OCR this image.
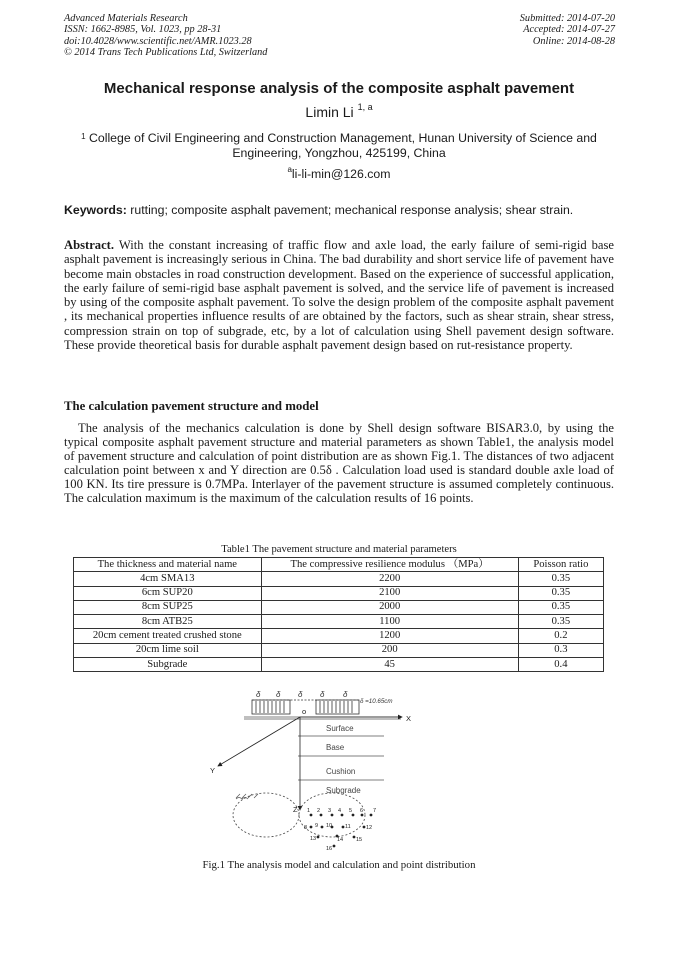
Advanced Materials Research
ISSN: 1662-8985, Vol. 1023, pp 28-31
doi:10.4028/www.scientific.net/AMR.1023.28
© 2014 Trans Tech Publications Ltd, Switzerland
Submitted: 2014-07-20
Accepted: 2014-07-27
Online: 2014-08-28
Mechanical response analysis of the composite asphalt pavement
Limin Li $^{1, a}$
$^1$ College of Civil Engineering and Construction Management, Hunan University of Science and Engineering, Yongzhou, 425199, China
$^a$li-li-min@126.com
Keywords: rutting; composite asphalt pavement; mechanical response analysis; shear strain.
Abstract. With the constant increasing of traffic flow and axle load, the early failure of semi-rigid base asphalt pavement is increasingly serious in China. The bad durability and short service life of pavement have become main obstacles in road construction development. Based on the experience of successful application, the early failure of semi-rigid base asphalt pavement is solved, and the service life of pavement is increased by using of the composite asphalt pavement. To solve the design problem of the composite asphalt pavement , its mechanical properties influence results of are obtained by the factors, such as shear strain, shear stress, compression strain on top of subgrade, etc, by a lot of calculation using Shell pavement design software. These provide theoretical basis for durable asphalt pavement design based on rut-resistance property.
The calculation pavement structure and model
The analysis of the mechanics calculation is done by Shell design software BISAR3.0, by using the typical composite asphalt pavement structure and material parameters as shown Table1, the analysis model of pavement structure and calculation of point distribution are as shown Fig.1. The distances of two adjacent calculation point between x and Y direction are 0.5δ . Calculation load used is standard double axle load of 100 KN. Its tire pressure is 0.7MPa. Interlayer of the pavement structure is assumed completely continuous. The calculation maximum is the maximum of the calculation results of 16 points.
Table1 The pavement structure and material parameters
The thickness and material name	The compressive resilience modulus （MPa）	Poisson ratio
4cm SMA13	2200	0.35
6cm SUP20	2100	0.35
8cm SUP25	2000	0.35
8cm ATB25	1100	0.35
20cm cement treated crushed stone	1200	0.2
20cm lime soil	200	0.3
Subgrade	45	0.4
δ δ δ δ δ
δ =10.65cm
Surface
Base
Cushion
Subgrade
o
X
Y
Z 1 2 3 4 5 6 7
8 9 10 11	12
13	14 15
16
Fig.1 The analysis model and calculation and point distribution
